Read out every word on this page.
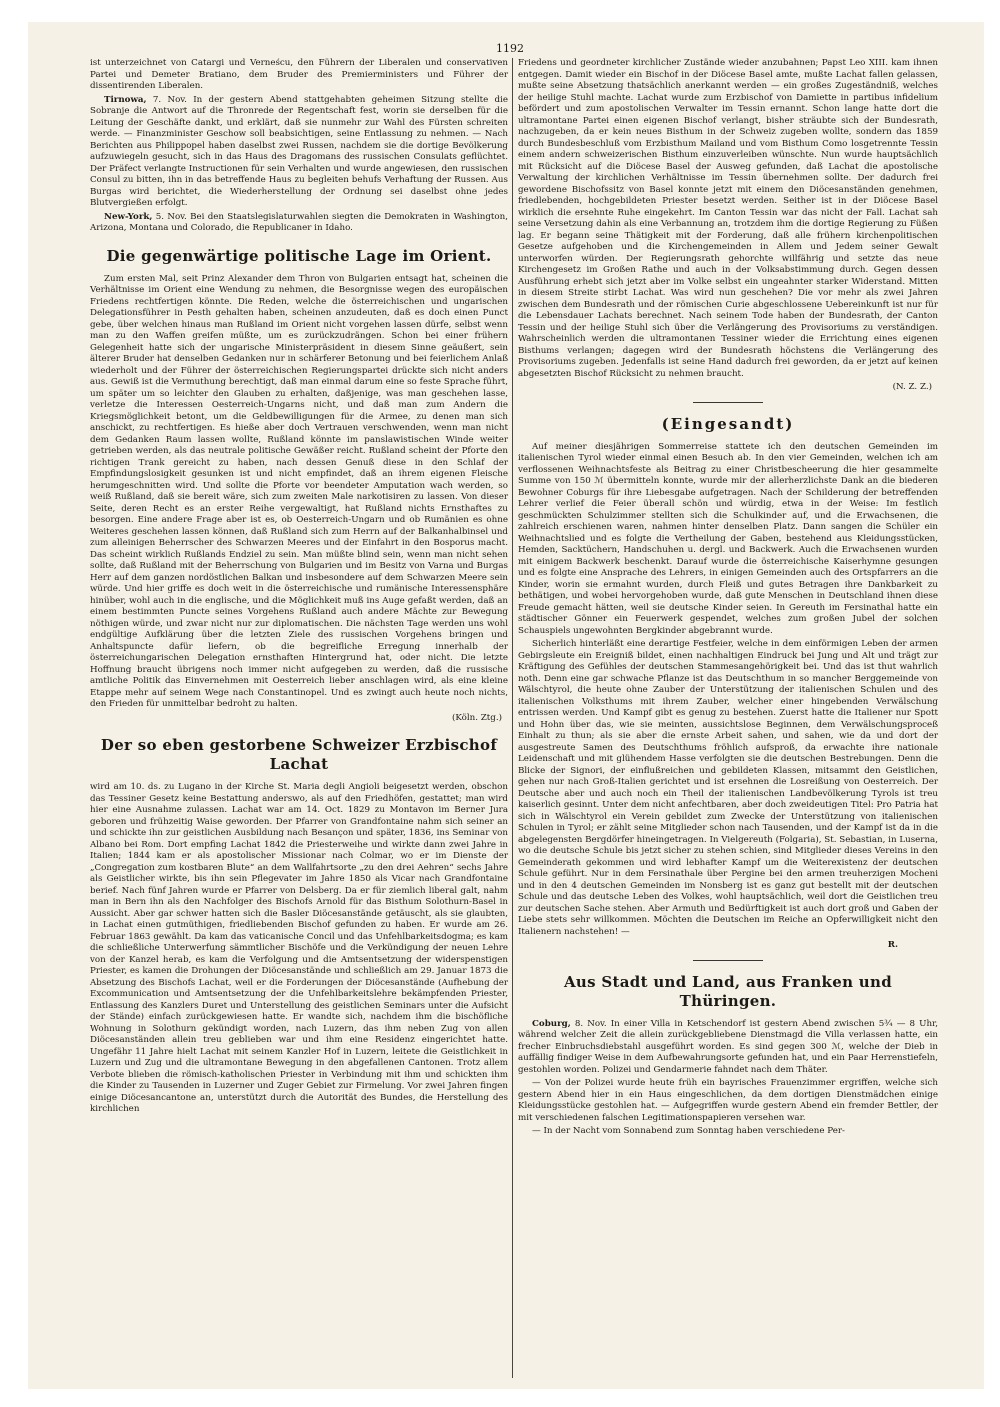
1192

ist unterzeichnet von Catargi und Verneścu, den Führern der Liberalen und conservativen Partei und Demeter Bratiano, dem Bruder des Premierministers und Führer der dissentirenden Liberalen.

Tirnowa, 7. Nov. In der gestern Abend stattgehabten geheimen Sitzung stellte die Sobranje die Antwort auf die Thronrede der Regentschaft fest, worin sie derselben für die Leitung der Geschäfte dankt, und erklärt, daß sie nunmehr zur Wahl des Fürsten schreiten werde. — Finanzminister Geschow soll beabsichtigen, seine Entlassung zu nehmen. — Nach Berichten aus Philippopel haben daselbst zwei Russen, nachdem sie die dortige Bevölkerung aufzuwiegeln gesucht, sich in das Haus des Dragomans des russischen Consulats geflüchtet. Der Präfect verlangte Instructionen für sein Verhalten und wurde angewiesen, den russischen Consul zu bitten, ihn in das betreffende Haus zu begleiten behufs Verhaftung der Russen. Aus Burgas wird berichtet, die Wiederherstellung der Ordnung sei daselbst ohne jedes Blutvergießen erfolgt.

New-York, 5. Nov. Bei den Staatslegislaturwahlen siegten die Demokraten in Washington, Arizona, Montana und Colorado, die Republicaner in Idaho.

Die gegenwärtige politische Lage im Orient.

Zum ersten Mal, seit Prinz Alexander dem Thron von Bulgarien entsagt hat, scheinen die Verhältnisse im Orient eine Wendung zu nehmen, die Besorgnisse wegen des europäischen Friedens rechtfertigen könnte. Die Reden, welche die österreichischen und ungarischen Delegationsführer in Pesth gehalten haben, scheinen anzudeuten, daß es doch einen Punct gebe, über welchen hinaus man Rußland im Orient nicht vorgehen lassen dürfe, selbst wenn man zu den Waffen greifen müßte, um es zurückzudrängen. Schon bei einer frühern Gelegenheit hatte sich der ungarische Ministerpräsident in diesem Sinne geäußert, sein älterer Bruder hat denselben Gedanken nur in schärferer Betonung und bei feierlichem Anlaß wiederholt und der Führer der österreichischen Regierungspartei drückte sich nicht anders aus. Gewiß ist die Vermuthung berechtigt, daß man einmal darum eine so feste Sprache führt, um später um so leichter den Glauben zu erhalten, daßjenige, was man geschehen lasse, verletze die Interessen Oesterreich-Ungarns nicht, und daß man zum Andern die Kriegsmöglichkeit betont, um die Geldbewilligungen für die Armee, zu denen man sich anschickt, zu rechtfertigen. Es hieße aber doch Vertrauen verschwenden, wenn man nicht dem Gedanken Raum lassen wollte, Rußland könnte im panslawistischen Winde weiter getrieben werden, als das neutrale politische Gewäßer reicht. Rußland scheint der Pforte den richtigen Trank gereicht zu haben, nach dessen Genuß diese in den Schlaf der Empfindungslosigkeit gesunken ist und nicht empfindet, daß an ihrem eigenen Fleische herumgeschnitten wird. Und sollte die Pforte vor beendeter Amputation wach werden, so weiß Rußland, daß sie bereit wäre, sich zum zweiten Male narkotisiren zu lassen. Von dieser Seite, deren Recht es an erster Reihe vergewaltigt, hat Rußland nichts Ernsthaftes zu besorgen. Eine andere Frage aber ist es, ob Oesterreich-Ungarn und ob Rumänien es ohne Weiteres geschehen lassen können, daß Rußland sich zum Herrn auf der Balkanhalbinsel und zum alleinigen Beherrscher des Schwarzen Meeres und der Einfahrt in den Bosporus macht. Das scheint wirklich Rußlands Endziel zu sein. Man müßte blind sein, wenn man nicht sehen sollte, daß Rußland mit der Beherrschung von Bulgarien und im Besitz von Varna und Burgas Herr auf dem ganzen nordöstlichen Balkan und insbesondere auf dem Schwarzen Meere sein würde. Und hier griffe es doch weit in die österreichische und rumänische Interessensphäre hinüber, wohl auch in die englische, und die Möglichkeit muß ins Auge gefaßt werden, daß an einem bestimmten Puncte seines Vorgehens Rußland auch andere Mächte zur Bewegung nöthigen würde, und zwar nicht nur zur diplomatischen. Die nächsten Tage werden uns wohl endgültige Aufklärung über die letzten Ziele des russischen Vorgehens bringen und Anhaltspuncte dafür liefern, ob die begreifliche Erregung innerhalb der österreichungarischen Delegation ernsthaften Hintergrund hat, oder nicht. Die letzte Hoffnung braucht übrigens noch immer nicht aufgegeben zu werden, daß die russische amtliche Politik das Einvernehmen mit Oesterreich lieber anschlagen wird, als eine kleine Etappe mehr auf seinem Wege nach Constantinopel. Und es zwingt auch heute noch nichts, den Frieden für unmittelbar bedroht zu halten.

(Köln. Ztg.)
Der so eben gestorbene Schweizer Erzbischof Lachat

wird am 10. ds. zu Lugano in der Kirche St. Maria degli Angioli beigesetzt werden, obschon das Tessiner Gesetz keine Bestattung anderswo, als auf den Friedhöfen, gestattet; man wird hier eine Ausnahme zulassen. Lachat war am 14. Oct. 1829 zu Montavon im Berner Jura geboren und frühzeitig Waise geworden. Der Pfarrer von Grandfontaine nahm sich seiner an und schickte ihn zur geistlichen Ausbildung nach Besançon und später, 1836, ins Seminar von Albano bei Rom. Dort empfing Lachat 1842 die Priesterweihe und wirkte dann zwei Jahre in Italien; 1844 kam er als apostolischer Missionar nach Colmar, wo er im Dienste der „Congregation zum kostbaren Blute“ an dem Wallfahrtsorte „zu den drei Aehren“ sechs Jahre als Geistlicher wirkte, bis ihn sein Pflegevater im Jahre 1850 als Vicar nach Grandfontaine berief. Nach fünf Jahren wurde er Pfarrer von Delsberg. Da er für ziemlich liberal galt, nahm man in Bern ihn als den Nachfolger des Bischofs Arnold für das Bisthum Solothurn-Basel in Aussicht. Aber gar schwer hatten sich die Basler Diöcesanstände getäuscht, als sie glaubten, in Lachat einen gutmüthigen, friedliebenden Bischof gefunden zu haben. Er wurde am 26. Februar 1863 gewählt. Da kam das vaticanische Concil und das Unfehlbarkeitsdogma; es kam die schließliche Unterwerfung sämmtlicher Bischöfe und die Verkündigung der neuen Lehre von der Kanzel herab, es kam die Verfolgung und die Amtsentsetzung der widerspenstigen Priester, es kamen die Drohungen der Diöcesanstände und schließlich am 29. Januar 1873 die Absetzung des Bischofs Lachat, weil er die Forderungen der Diöcesanstände (Aufhebung der Excommunication und Amtsentsetzung der die Unfehlbarkeitslehre bekämpfenden Priester, Entlassung des Kanzlers Duret und Unterstellung des geistlichen Seminars unter die Aufsicht der Stände) einfach zurückgewiesen hatte. Er wandte sich, nachdem ihm die bischöfliche Wohnung in Solothurn gekündigt worden, nach Luzern, das ihm neben Zug von allen Diöcesanständen allein treu geblieben war und ihm eine Residenz eingerichtet hatte. Ungefähr 11 Jahre hielt Lachat mit seinem Kanzler Hof in Luzern, leitete die Geistlichkeit in Luzern und Zug und die ultramontane Bewegung in den abgefallenen Cantonen. Trotz allem Verbote blieben die römisch-katholischen Priester in Verbindung mit ihm und schickten ihm die Kinder zu Tausenden in Luzerner und Zuger Gebiet zur Firmelung. Vor zwei Jahren fingen einige Diöcesancantone an, unterstützt durch die Autorität des Bundes, die Herstellung des kirchlichen

Friedens und geordneter kirchlicher Zustände wieder anzubahnen; Papst Leo XIII. kam ihnen entgegen. Damit wieder ein Bischof in der Diöcese Basel amte, mußte Lachat fallen gelassen, mußte seine Absetzung thatsächlich anerkannt werden — ein großes Zugeständniß, welches der heilige Stuhl machte. Lachat wurde zum Erzbischof von Damiette in partibus infidelium befördert und zum apostolischen Verwalter im Tessin ernannt. Schon lange hatte dort die ultramontane Partei einen eigenen Bischof verlangt, bisher sträubte sich der Bundesrath, nachzugeben, da er kein neues Bisthum in der Schweiz zugeben wollte, sondern das 1859 durch Bundesbeschluß vom Erzbisthum Mailand und vom Bisthum Como losgetrennte Tessin einem andern schweizerischen Bisthum einzuverleiben wünschte. Nun wurde hauptsächlich mit Rücksicht auf die Diöcese Basel der Ausweg gefunden, daß Lachat die apostolische Verwaltung der kirchlichen Verhältnisse im Tessin übernehmen sollte. Der dadurch frei gewordene Bischofssitz von Basel konnte jetzt mit einem den Diöcesanständen genehmen, friedlebenden, hochgebildeten Priester besetzt werden. Seither ist in der Diöcese Basel wirklich die ersehnte Ruhe eingekehrt. Im Canton Tessin war das nicht der Fall. Lachat sah seine Versetzung dahin als eine Verbannung an, trotzdem ihm die dortige Regierung zu Füßen lag. Er begann seine Thätigkeit mit der Forderung, daß alle frühern kirchenpolitischen Gesetze aufgehoben und die Kirchengemeinden in Allem und Jedem seiner Gewalt unterworfen würden. Der Regierungsrath gehorchte willfährig und setzte das neue Kirchengesetz im Großen Rathe und auch in der Volksabstimmung durch. Gegen dessen Ausführung erhebt sich jetzt aber im Volke selbst ein ungeahnter starker Widerstand. Mitten in diesem Streite stirbt Lachat. Was wird nun geschehen? Die vor mehr als zwei Jahren zwischen dem Bundesrath und der römischen Curie abgeschlossene Uebereinkunft ist nur für die Lebensdauer Lachats berechnet. Nach seinem Tode haben der Bundesrath, der Canton Tessin und der heilige Stuhl sich über die Verlängerung des Provisoriums zu verständigen. Wahrscheinlich werden die ultramontanen Tessiner wieder die Errichtung eines eigenen Bisthums verlangen; dagegen wird der Bundesrath höchstens die Verlängerung des Provisoriums zugeben. Jedenfalls ist seine Hand dadurch frei geworden, da er jetzt auf keinen abgesetzten Bischof Rücksicht zu nehmen braucht.

(N. Z. Z.)
(Eingesandt)

Auf meiner diesjährigen Sommerreise stattete ich den deutschen Gemeinden im italienischen Tyrol wieder einmal einen Besuch ab. In den vier Gemeinden, welchen ich am verflossenen Weihnachtsfeste als Beitrag zu einer Christbescheerung die hier gesammelte Summe von 150 ℳ übermitteln konnte, wurde mir der allerherzlichste Dank an die biederen Bewohner Coburgs für ihre Liebesgabe aufgetragen. Nach der Schilderung der betreffenden Lehrer verlief die Feier überall schön und würdig, etwa in der Weise: Im festlich geschmückten Schulzimmer stellten sich die Schulkinder auf, und die Erwachsenen, die zahlreich erschienen waren, nahmen hinter denselben Platz. Dann sangen die Schüler ein Weihnachtslied und es folgte die Vertheilung der Gaben, bestehend aus Kleidungsstücken, Hemden, Sacktüchern, Handschuhen u. dergl. und Backwerk. Auch die Erwachsenen wurden mit einigem Backwerk beschenkt. Darauf wurde die österreichische Kaiserhymne gesungen und es folgte eine Ansprache des Lehrers, in einigen Gemeinden auch des Ortspfarrers an die Kinder, worin sie ermahnt wurden, durch Fleiß und gutes Betragen ihre Dankbarkeit zu bethätigen, und wobei hervorgehoben wurde, daß gute Menschen in Deutschland ihnen diese Freude gemacht hätten, weil sie deutsche Kinder seien. In Gereuth im Fersinathal hatte ein städtischer Gönner ein Feuerwerk gespendet, welches zum großen Jubel der solchen Schauspiels ungewohnten Bergkinder abgebrannt wurde.

Sicherlich hinterläßt eine derartige Festfeier, welche in dem einförmigen Leben der armen Gebirgsleute ein Ereigniß bildet, einen nachhaltigen Eindruck bei Jung und Alt und trägt zur Kräftigung des Gefühles der deutschen Stammesangehörigkeit bei. Und das ist thut wahrlich noth. Denn eine gar schwache Pflanze ist das Deutschthum in so mancher Berggemeinde von Wälschtyrol, die heute ohne Zauber der Unterstützung der italienischen Schulen und des italienischen Volksthums mit ihrem Zauber, welcher einer hingebenden Verwälschung entrissen werden. Und Kampf gibt es genug zu bestehen. Zuerst hatte die Italiener nur Spott und Hohn über das, wie sie meinten, aussichtslose Beginnen, dem Verwälschungsproceß Einhalt zu thun; als sie aber die ernste Arbeit sahen, und sahen, wie da und dort der ausgestreute Samen des Deutschthums fröhlich aufsproß, da erwachte ihre nationale Leidenschaft und mit glühendem Hasse verfolgten sie die deutschen Bestrebungen. Denn die Blicke der Signori, der einflußreichen und gebildeten Klassen, mitsammt den Geistlichen, gehen nur nach Groß-Italien gerichtet und ist ersehnen die Losreißung von Oesterreich. Der Deutsche aber und auch noch ein Theil der italienischen Landbevölkerung Tyrols ist treu kaiserlich gesinnt. Unter dem nicht anfechtbaren, aber doch zweideutigen Titel: Pro Patria hat sich in Wälschtyrol ein Verein gebildet zum Zwecke der Unterstützung von italienischen Schulen in Tyrol; er zählt seine Mitglieder schon nach Tausenden, und der Kampf ist da in die abgelegensten Bergdörfer hineingetragen. In Vielgereuth (Folgaria), St. Sebastian, in Luserna, wo die deutsche Schule bis jetzt sicher zu stehen schien, sind Mitglieder dieses Vereins in den Gemeinderath gekommen und wird lebhafter Kampf um die Weiterexistenz der deutschen Schule geführt. Nur in dem Fersinathale über Pergine bei den armen treuherzigen Mocheni und in den 4 deutschen Gemeinden im Nonsberg ist es ganz gut bestellt mit der deutschen Schule und das deutsche Leben des Volkes, wohl hauptsächlich, weil dort die Geistlichen treu zur deutschen Sache stehen. Aber Armuth und Bedürftigkeit ist auch dort groß und Gaben der Liebe stets sehr willkommen. Möchten die Deutschen im Reiche an Opferwilligkeit nicht den Italienern nachstehen! —

R.
Aus Stadt und Land, aus Franken und Thüringen.

Coburg, 8. Nov. In einer Villa in Ketschendorf ist gestern Abend zwischen 5¾ — 8 Uhr, während welcher Zeit die allein zurückgebliebene Dienstmagd die Villa verlassen hatte, ein frecher Einbruchsdiebstahl ausgeführt worden. Es sind gegen 300 ℳ, welche der Dieb in auffällig findiger Weise in dem Aufbewahrungsorte gefunden hat, und ein Paar Herrenstiefeln, gestohlen worden. Polizei und Gendarmerie fahndet nach dem Thäter.

— Von der Polizei wurde heute früh ein bayrisches Frauenzimmer ergriffen, welche sich gestern Abend hier in ein Haus eingeschlichen, da dem dortigen Dienstmädchen einige Kleidungsstücke gestohlen hat. — Aufgegriffen wurde gestern Abend ein fremder Bettler, der mit verschiedenen falschen Legitimationspapieren versehen war.

— In der Nacht vom Sonnabend zum Sonntag haben verschiedene Per-
